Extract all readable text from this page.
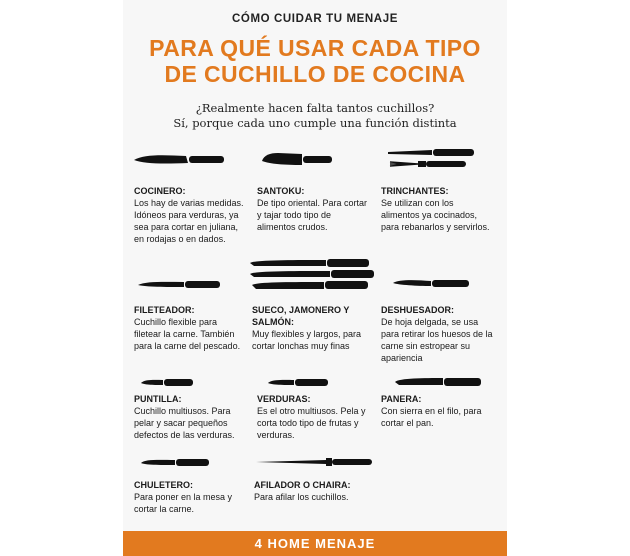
CÓMO CUIDAR TU MENAJE
PARA QUÉ USAR CADA TIPO
DE CUCHILLO DE COCINA
¿Realmente hacen falta tantos cuchillos?
Sí, porque cada uno cumple una función distinta
COCINERO:
Los hay de varias medidas. Idóneos para verduras, ya sea para cortar en juliana, en rodajas o en dados.
SANTOKU:
De tipo oriental. Para cortar y tajar todo tipo de alimentos crudos.
TRINCHANTES:
Se utilizan con los alimentos ya cocinados, para rebanarlos y servirlos.
FILETEADOR:
Cuchillo flexible para filetear la carne. También para la carne del pescado.
SUECO, JAMONERO Y SALMÓN:
Muy flexibles y largos, para cortar lonchas muy finas
DESHUESADOR:
De hoja delgada, se usa para retirar los huesos de la carne sin estropear su apariencia
PUNTILLA:
Cuchillo multiusos. Para pelar y sacar pequeños defectos de las verduras.
VERDURAS:
Es el otro multiusos. Pela y corta todo tipo de frutas y verduras.
PANERA:
Con sierra en el filo, para cortar el pan.
CHULETERO:
Para poner en la mesa y cortar la carne.
AFILADOR O CHAIRA:
Para afilar los cuchillos.
4 HOME MENAJE
